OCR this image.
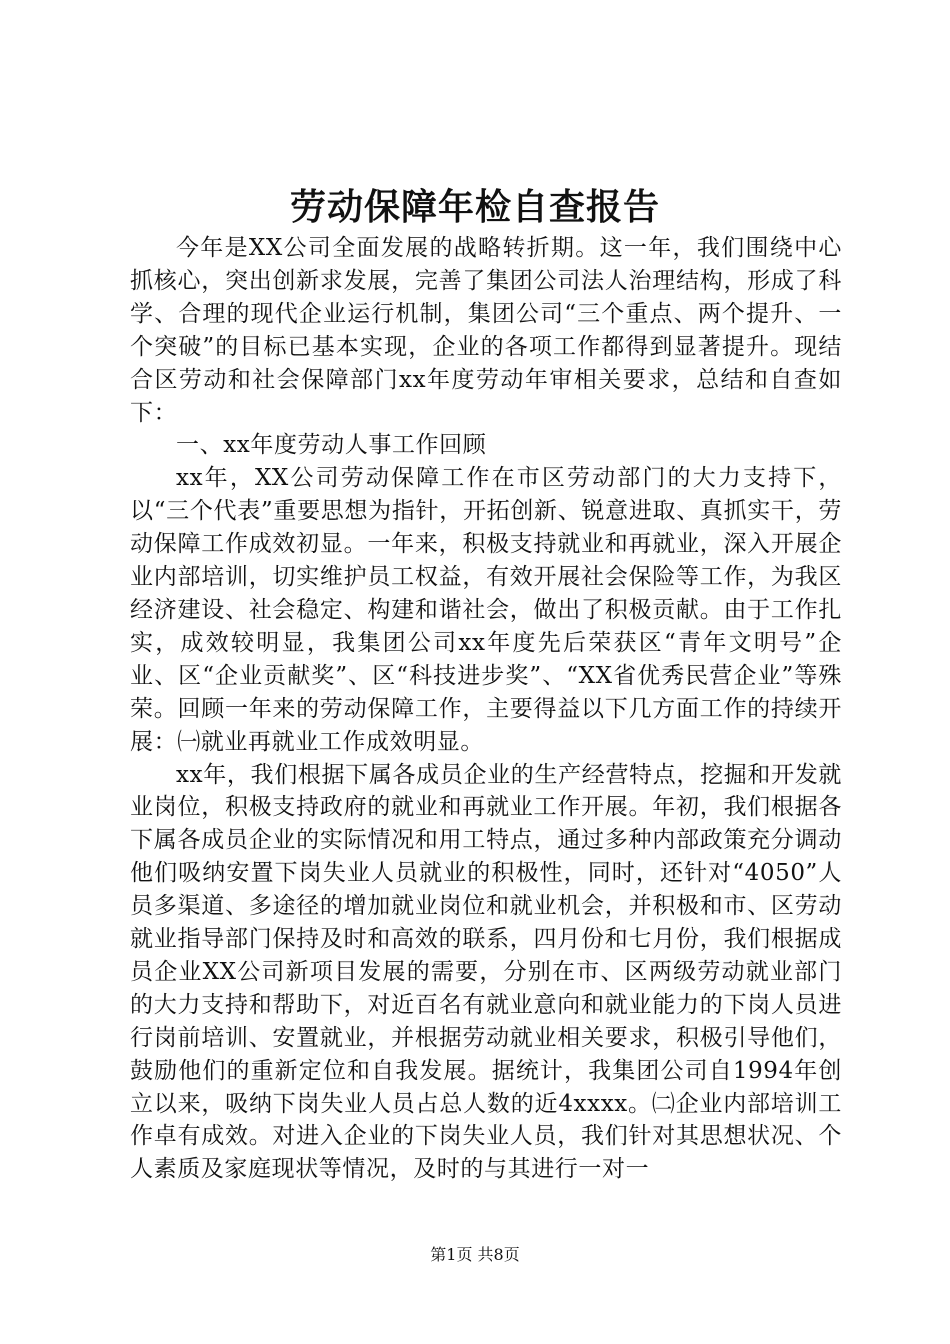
劳动保障年检自查报告

今年是XX公司全面发展的战略转折期。这一年，我们围绕中心抓核心，突出创新求发展，完善了集团公司法人治理结构，形成了科学、合理的现代企业运行机制，集团公司“三个重点、两个提升、一个突破”的目标已基本实现，企业的各项工作都得到显著提升。现结合区劳动和社会保障部门xx年度劳动年审相关要求，总结和自查如下：

一、xx年度劳动人事工作回顾

xx年，XX公司劳动保障工作在市区劳动部门的大力支持下，以“三个代表”重要思想为指针，开拓创新、锐意进取、真抓实干，劳动保障工作成效初显。一年来，积极支持就业和再就业，深入开展企业内部培训，切实维护员工权益，有效开展社会保险等工作，为我区经济建设、社会稳定、构建和谐社会，做出了积极贡献。由于工作扎实，成效较明显，我集团公司xx年度先后荣获区“青年文明号”企业、区“企业贡献奖”、区“科技进步奖”、“XX省优秀民营企业”等殊荣。回顾一年来的劳动保障工作，主要得益以下几方面工作的持续开展：㈠就业再就业工作成效明显。

xx年，我们根据下属各成员企业的生产经营特点，挖掘和开发就业岗位，积极支持政府的就业和再就业工作开展。年初，我们根据各下属各成员企业的实际情况和用工特点，通过多种内部政策充分调动他们吸纳安置下岗失业人员就业的积极性，同时，还针对“4050”人员多渠道、多途径的增加就业岗位和就业机会，并积极和市、区劳动就业指导部门保持及时和高效的联系，四月份和七月份，我们根据成员企业XX公司新项目发展的需要，分别在市、区两级劳动就业部门的大力支持和帮助下，对近百名有就业意向和就业能力的下岗人员进行岗前培训、安置就业，并根据劳动就业相关要求，积极引导他们，鼓励他们的重新定位和自我发展。据统计，我集团公司自1994年创立以来，吸纳下岗失业人员占总人数的近4xxxx。㈡企业内部培训工作卓有成效。对进入企业的下岗失业人员，我们针对其思想状况、个人素质及家庭现状等情况，及时的与其进行一对一

第1页 共8页
